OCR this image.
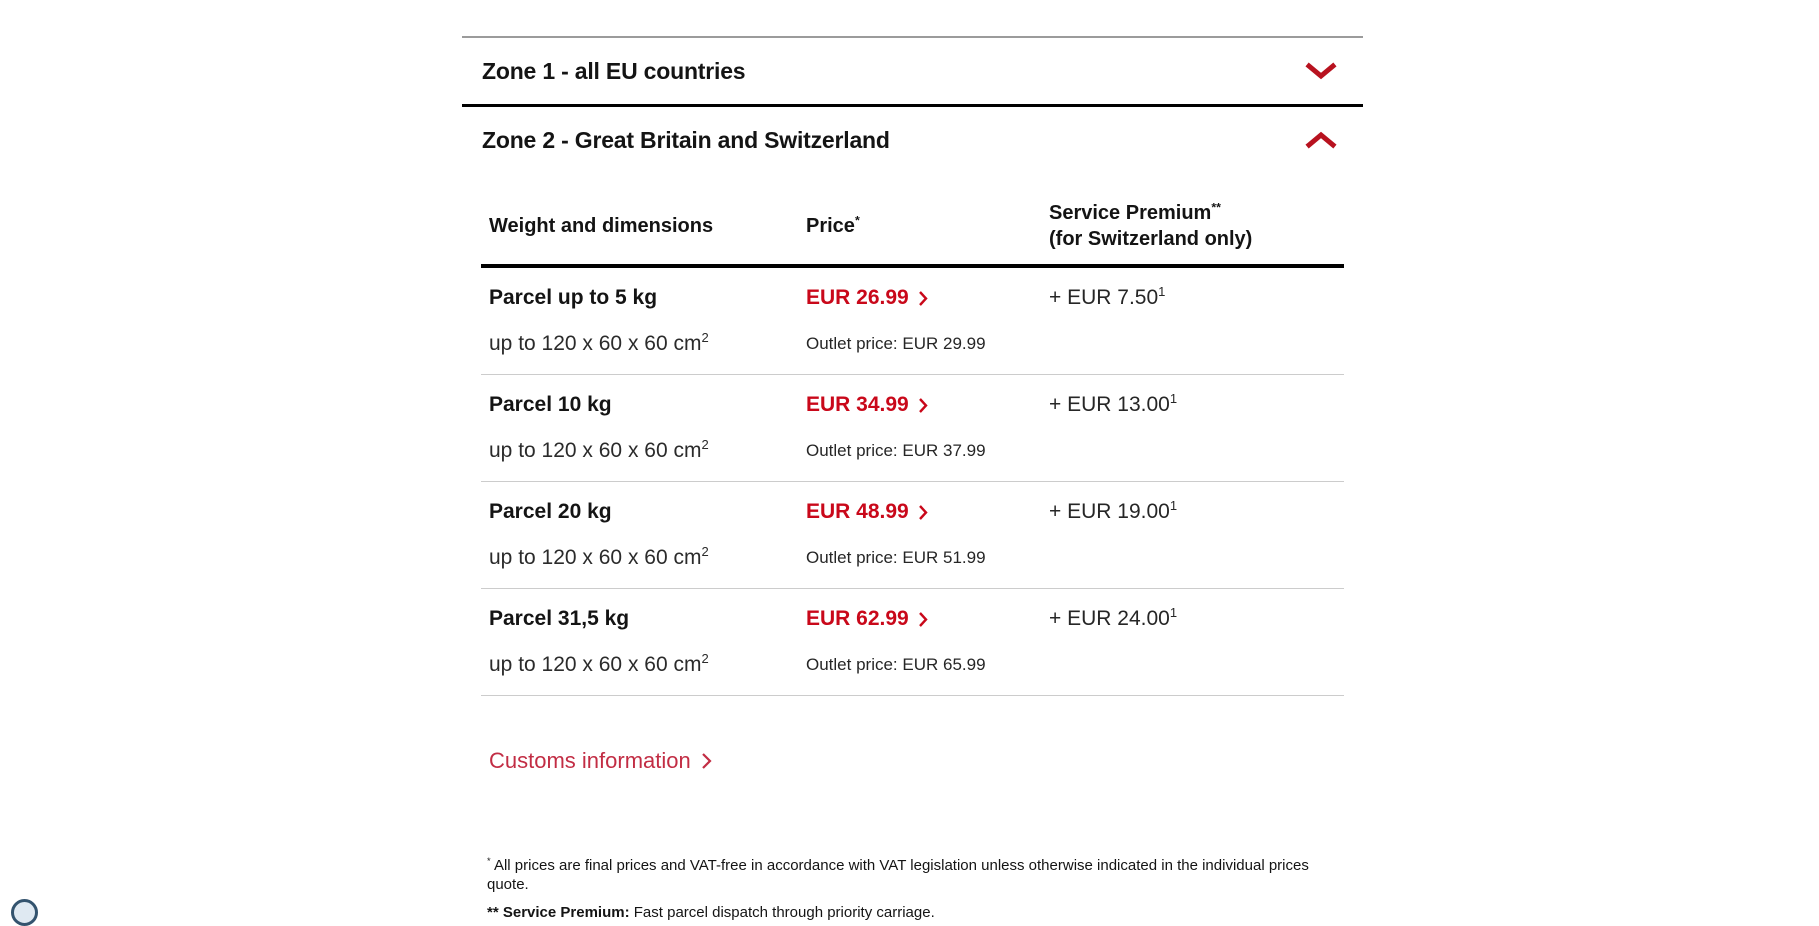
Zone 1 - all EU countries
Zone 2 - Great Britain and Switzerland
Weight and dimensions	Price*	Service Premium**
(for Switzerland only)
Parcel up to 5 kg
up to 120 x 60 x 60 $cm^2$
EUR 26.99
Outlet price: EUR 29.99
+ EUR 7.50$^1$
Parcel 10 kg
up to 120 x 60 x 60 $cm^2$
EUR 34.99
Outlet price: EUR 37.99
+ EUR 13.00$^1$
Parcel 20 kg
up to 120 x 60 x 60 $cm^2$
EUR 48.99
Outlet price: EUR 51.99
+ EUR 19.00$^1$
Parcel 31,5 kg
up to 120 x 60 x 60 $cm^2$
EUR 62.99
Outlet price: EUR 65.99
+ EUR 24.00$^1$
Customs information
* All prices are final prices and VAT-free in accordance with VAT legislation unless otherwise indicated in the individual prices quote.
** Service Premium: Fast parcel dispatch through priority carriage.
